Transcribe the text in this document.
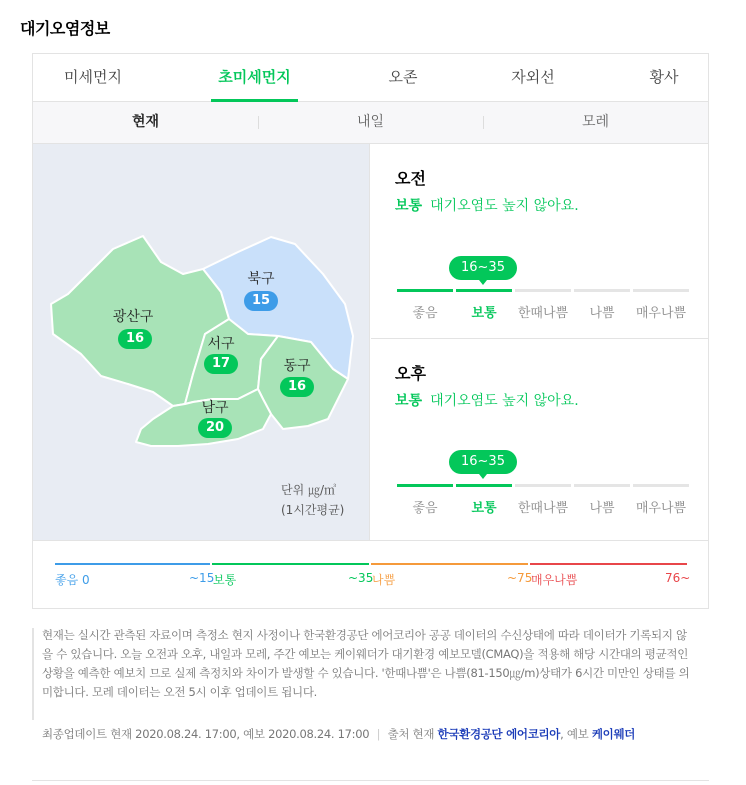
대기오염정보
미세먼지	초미세먼지	오존	자외선	황사
현재	내일	모레
광산구
16
북구
15
서구
17	동구
16
남구
20
단위 ㎍/㎥
(1시간평균)
오전
보통 대기오염도 높지 않아요.
16~35
좋음	보통	한때나쁨	나쁨	매우나쁨
오후
보통 대기오염도 높지 않아요.
16~35
좋음	보통	한때나쁨	나쁨	매우나쁨
좋음 0	~15
보통	~35
나쁨	~75
매우나쁨	76~
현재는 실시간 관측된 자료이며 측정소 현지 사정이나 한국환경공단 에어코리아 공공 데이터의 수신상태에 따라 데이터가 기록되지 않을 수 있습니다. 오늘 오전과 오후, 내일과 모레, 주간 예보는 케이웨더가 대기환경 예보모델(CMAQ)을 적용해 해당 시간대의 평균적인 상황을 예측한 예보치 므로 실제 측정치와 차이가 발생할 수 있습니다. '한때나쁨'은 나쁨(81-150㎍/m)상태가 6시간 미만인 상태를 의미합니다. 모레 데이터는 오전 5시 이후 업데이트 됩니다.
최종업데이트 현재 2020.08.24. 17:00, 예보 2020.08.24. 17:00 | 출처 현재 한국환경공단 에어코리아, 예보 케이웨더
